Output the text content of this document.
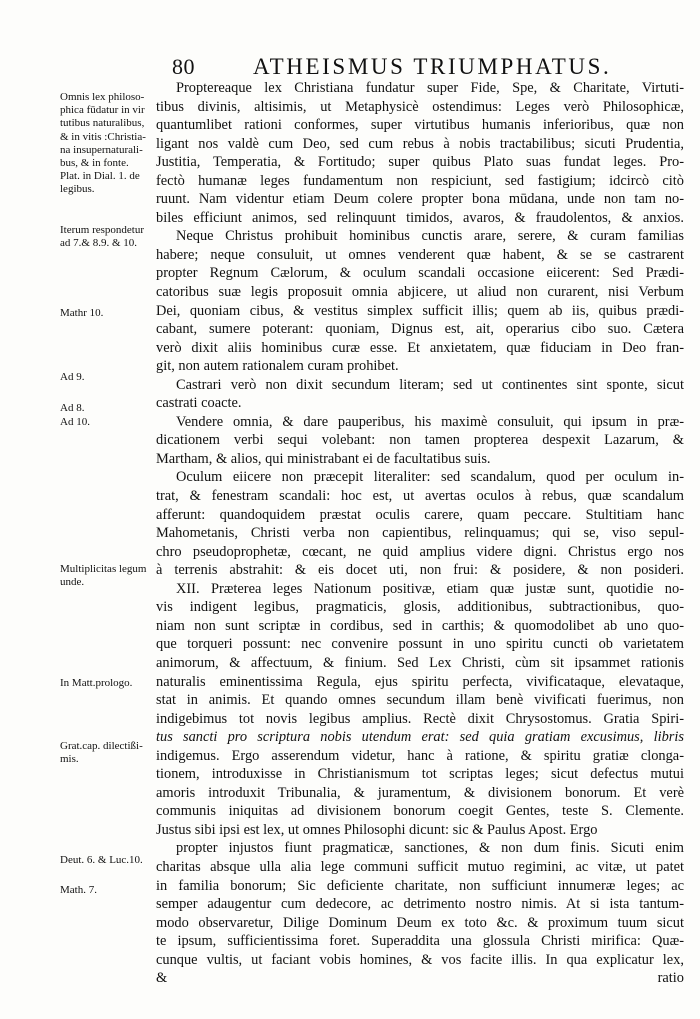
80	ATHEISMUS TRIUMPHATUS.
Omnis lex philoso-
phica fūdatur in vir
tutibus naturalibus,
& in vitis :Christia-
na insupernaturali-
bus, & in fonte.
Plat. in Dial. 1. de
legibus.
Iterum respondetur
ad 7.& 8.9. & 10.
Mathr 10.
Ad 9.
Ad 8.
Ad 10.
Multiplicitas legum
unde.
In Matt.prologo.
Grat.cap. dilectißi-
mis.
Deut. 6. & Luc.10.
Math. 7.
Proptereaque lex Christiana fundatur super Fide, Spe, & Charitate, Virtuti-
tibus divinis, altisimis, ut Metaphysicè ostendimus: Leges verò Philosophicæ,
quantumlibet rationi conformes, super virtutibus humanis inferioribus, quæ non
ligant nos valdè cum Deo, sed cum rebus à nobis tractabilibus; sicuti Prudentia,
Justitia, Temperatia, & Fortitudo; super quibus Plato suas fundat leges. Pro-
fectò humanæ leges fundamentum non respiciunt, sed fastigium; idcircò citò
ruunt. Nam videntur etiam Deum colere propter bona mūdana, unde non tam no-
biles efficiunt animos, sed relinquunt timidos, avaros, & fraudolentos, & anxios.
Neque Christus prohibuit hominibus cunctis arare, serere, & curam familias
habere; neque consuluit, ut omnes venderent quæ habent, & se se castrarent
propter Regnum Cælorum, & oculum scandali occasione eiicerent: Sed Prædi-
catoribus suæ legis proposuit omnia abjicere, ut aliud non curarent, nisi Verbum
Dei, quoniam cibus, & vestitus simplex sufficit illis; quem ab iis, quibus prædi-
cabant, sumere poterant: quoniam, Dignus est, ait, operarius cibo suo. Cætera
verò dixit aliis hominibus curæ esse. Et anxietatem, quæ fiduciam in Deo fran-
git, non autem rationalem curam prohibet.
Castrari verò non dixit secundum literam; sed ut continentes sint sponte, sicut
castrati coacte.
Vendere omnia, & dare pauperibus, his maximè consuluit, qui ipsum in præ-
dicationem verbi sequi volebant: non tamen propterea despexit Lazarum, &
Martham, & alios, qui ministrabant ei de facultatibus suis.
Oculum eiicere non præcepit literaliter: sed scandalum, quod per oculum in-
trat, & fenestram scandali: hoc est, ut avertas oculos à rebus, quæ scandalum
afferunt: quandoquidem præstat oculis carere, quam peccare. Stultitiam hanc
Mahometanis, Christi verba non capientibus, relinquamus; qui se, viso sepul-
chro pseudoprophetæ, cœcant, ne quid amplius videre digni. Christus ergo nos
à terrenis abstrahit: & eis docet uti, non frui: & posidere, & non posideri.
XII. Præterea leges Nationum positivæ, etiam quæ justæ sunt, quotidie no-
vis indigent legibus, pragmaticis, glosis, additionibus, subtractionibus, quo-
niam non sunt scriptæ in cordibus, sed in carthis; & quomodolibet ab uno quo-
que torqueri possunt: nec convenire possunt in uno spiritu cuncti ob varietatem
animorum, & affectuum, & finium. Sed Lex Christi, cùm sit ipsammet rationis
naturalis eminentissima Regula, ejus spiritu perfecta, vivificataque, elevataque,
stat in animis. Et quando omnes secundum illam benè vivificati fuerimus, non
indigebimus tot novis legibus amplius. Rectè dixit Chrysostomus. Gratia Spiri-
tus sancti pro scriptura nobis utendum erat: sed quia gratiam excusimus, libris
indigemus. Ergo asserendum videtur, hanc à ratione, & spiritu gratiæ clonga-
tionem, introduxisse in Christianismum tot scriptas leges; sicut defectus mutui
amoris introduxit Tribunalia, & juramentum, & divisionem bonorum. Et verè
communis iniquitas ad divisionem bonorum coegit Gentes, teste S. Clemente.
Justus sibi ipsi est lex, ut omnes Philosophi dicunt: sic & Paulus Apost. Ergo
propter injustos fiunt pragmaticæ, sanctiones, & non dum finis. Sicuti enim
charitas absque ulla alia lege communi sufficit mutuo regimini, ac vitæ, ut patet
in familia bonorum; Sic deficiente charitate, non sufficiunt innumeræ leges; ac
semper adaugentur cum dedecore, ac detrimento nostro nimis. At si ista tantum-
modo observaretur, Dilige Dominum Deum ex toto &c. & proximum tuum sicut
te ipsum, sufficientissima foret. Superaddita una glossula Christi mirifica: Quæ-
cunque vultis, ut faciant vobis homines, & vos facite illis. In qua explicatur lex,
& ratio
